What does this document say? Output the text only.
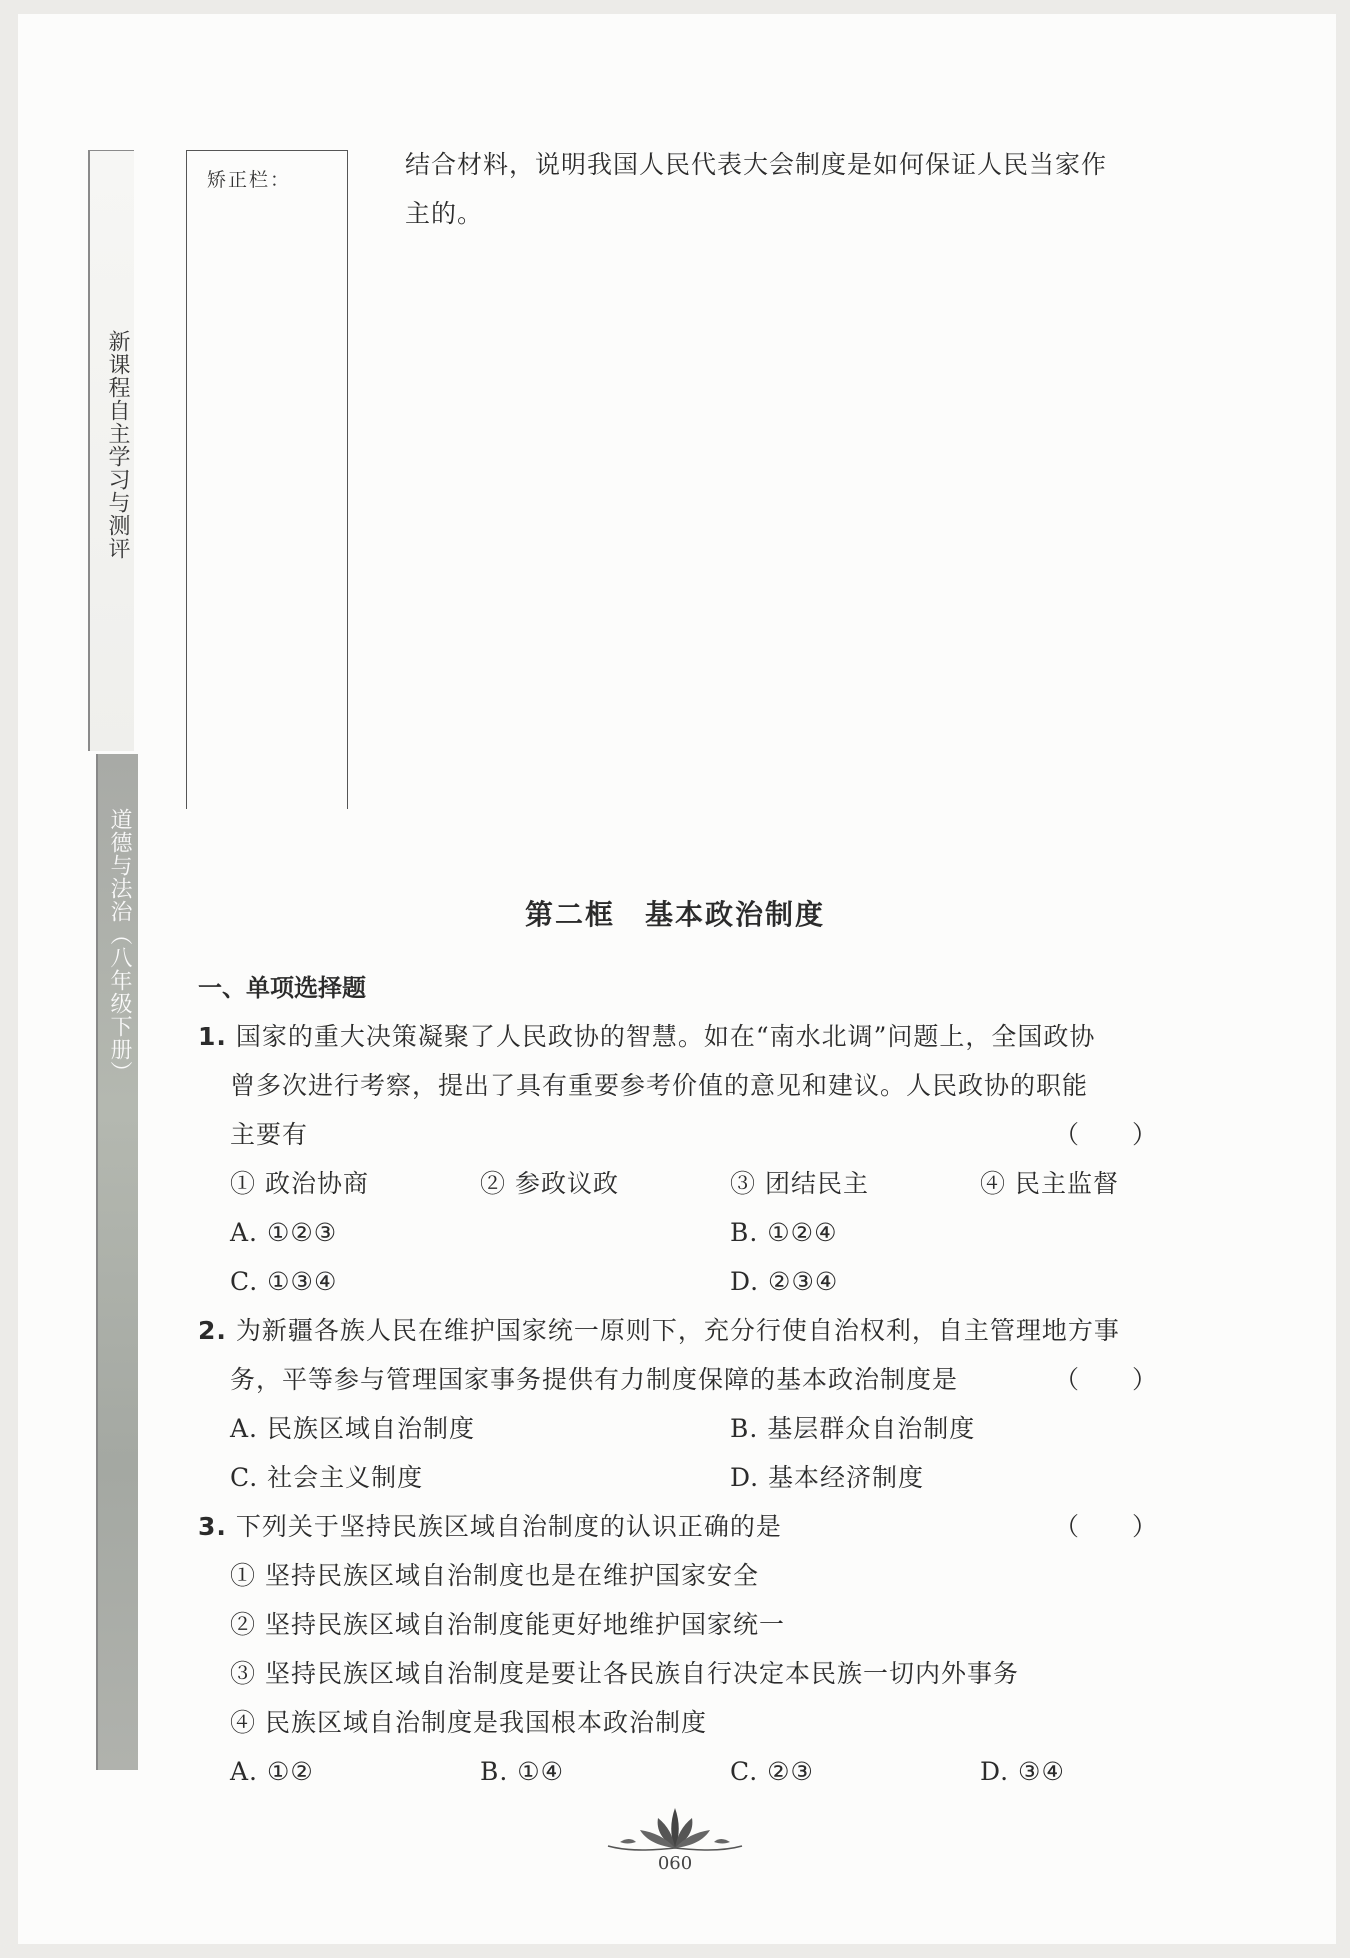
新课程自主学习与测评
道德与法治（八年级下册）
矫正栏：
结合材料，说明我国人民代表大会制度是如何保证人民当家作
主的。
第二框　基本政治制度
一、单项选择题
1. 国家的重大决策凝聚了人民政协的智慧。如在“南水北调”问题上，全国政协
曾多次进行考察，提出了具有重要参考价值的意见和建议。人民政协的职能
主要有	（　　）
① 政治协商	② 参政议政	③ 团结民主	④ 民主监督
A. ①②③	B. ①②④
C. ①③④	D. ②③④
2. 为新疆各族人民在维护国家统一原则下，充分行使自治权利，自主管理地方事
务，平等参与管理国家事务提供有力制度保障的基本政治制度是	（　　）
A. 民族区域自治制度	B. 基层群众自治制度
C. 社会主义制度	D. 基本经济制度
3. 下列关于坚持民族区域自治制度的认识正确的是	（　　）
① 坚持民族区域自治制度也是在维护国家安全
② 坚持民族区域自治制度能更好地维护国家统一
③ 坚持民族区域自治制度是要让各民族自行决定本民族一切内外事务
④ 民族区域自治制度是我国根本政治制度
A. ①②	B. ①④	C. ②③	D. ③④
060
